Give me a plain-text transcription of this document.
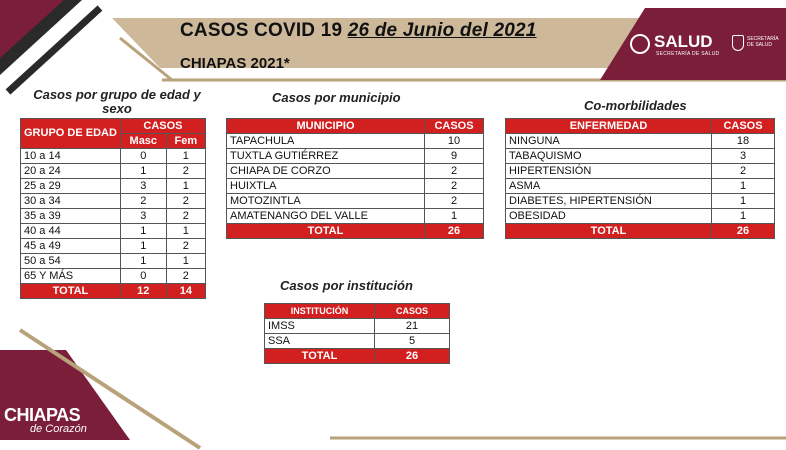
CASOS COVID 19 26 de Junio del 2021
CHIAPAS 2021*
SALUD
SECRETARÍA DE SALUD
SECRETARÍA DE SALUD
Casos por grupo de edad y sexo
GRUPO DE EDAD	CASOS	
	Masc	Fem
10 a 14	0	1
20 a 24	1	2
25 a 29	3	1
30 a 34	2	2
35 a 39	3	2
40 a 44	1	1
45 a 49	1	2
50 a 54	1	1
65 Y MÁS	0	2
TOTAL	12	14
Casos por municipio
MUNICIPIO	CASOS
TAPACHULA	10
TUXTLA GUTIÉRREZ	9
CHIAPA DE CORZO	2
HUIXTLA	2
MOTOZINTLA	2
AMATENANGO DEL VALLE	1
TOTAL	26
Co-morbilidades
ENFERMEDAD	CASOS
NINGUNA	18
TABAQUISMO	3
HIPERTENSIÓN	2
ASMA	1
DIABETES, HIPERTENSIÓN	1
OBESIDAD	1
TOTAL	26
Casos por institución
INSTITUCIÓN	CASOS
IMSS	21
SSA	5
TOTAL	26
CHIAPAS
de Corazón
